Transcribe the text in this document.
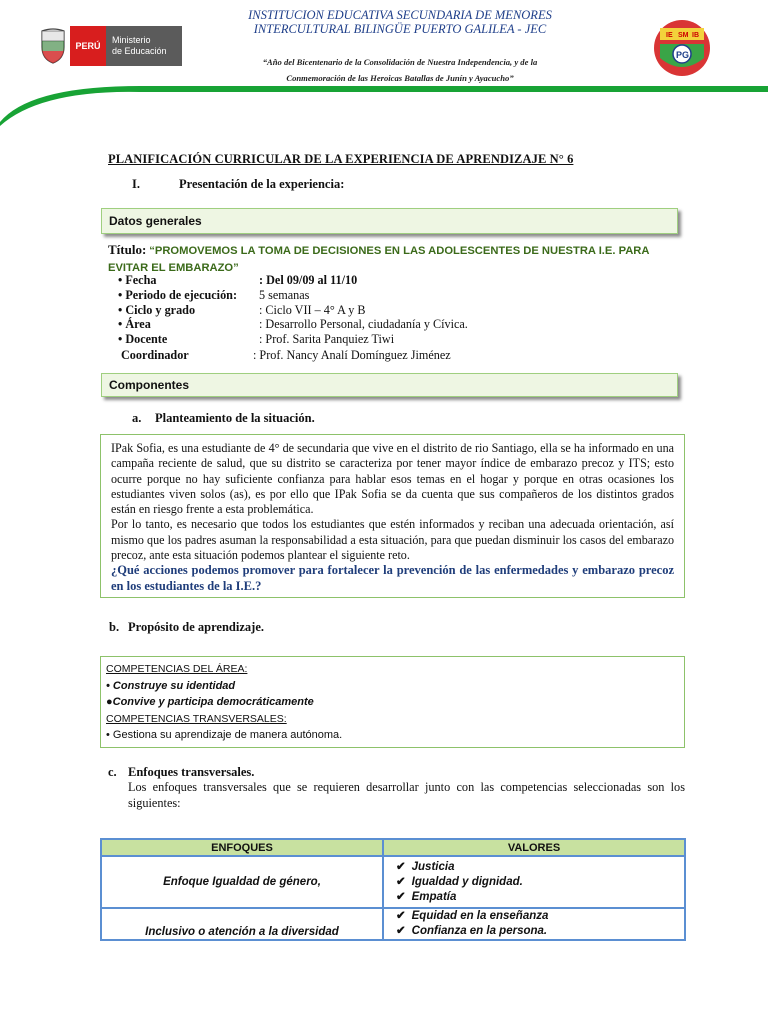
PERÚ
Ministerio
de Educación
INSTITUCION EDUCATIVA SECUNDARIA DE MENORES
INTERCULTURAL BILINGÜE PUERTO GALILEA - JEC
“Año del Bicentenario de la Consolidación de Nuestra Independencia, y de la
Conmemoración de las Heroicas Batallas de Junín y Ayacucho”
IE SM IB
PG
PLANIFICACIÓN CURRICULAR DE LA EXPERIENCIA DE APRENDIZAJE N° 6
I.	Presentación de la experiencia:
Datos generales
Título: “PROMOVEMOS LA TOMA DE DECISIONES EN LAS ADOLESCENTES DE NUESTRA I.E. PARA EVITAR EL EMBARAZO”
• Fecha	: Del 09/09 al 11/10
• Periodo de ejecución:	5 semanas
• Ciclo y grado	: Ciclo VII – 4° A y B
• Área	: Desarrollo Personal, ciudadanía y Cívica.
• Docente	: Prof. Sarita Panquiez Tiwi
Coordinador	: Prof. Nancy Analí Domínguez Jiménez
Componentes
a. Planteamiento de la situación.

IPak Sofia, es una estudiante de 4° de secundaria que vive en el distrito de rio Santiago, ella se ha informado en una campaña reciente de salud, que su distrito se caracteriza por tener mayor índice de embarazo precoz y ITS; esto ocurre porque no hay suficiente confianza para hablar esos temas en el hogar y porque en otras ocasiones los estudiantes viven solos (as), es por ello que IPak Sofia se da cuenta que sus compañeros de los distintos grados están en riesgo frente a esta problemática.

Por lo tanto, es necesario que todos los estudiantes que estén informados y reciban una adecuada orientación, así mismo que los padres asuman la responsabilidad a esta situación, para que puedan disminuir los casos del embarazo precoz, ante esta situación podemos plantear el siguiente reto.

¿Qué acciones podemos promover para fortalecer la prevención de las enfermedades y embarazo precoz en los estudiantes de la I.E.?

b. Propósito de aprendizaje.
COMPETENCIAS DEL ÁREA:
• Construye su identidad
●Convive y participa democráticamente
COMPETENCIAS TRANSVERSALES:
• Gestiona su aprendizaje de manera autónoma.
c. Enfoques transversales.
Los enfoques transversales que se requieren desarrollar junto con las competencias seleccionadas son los siguientes:
ENFOQUES	VALORES
Enfoque Igualdad de género,	✔ Justicia
✔ Igualdad y dignidad.
✔ Empatía

Inclusivo o atención a la diversidad	✔ Equidad en la enseñanza
✔ Confianza en la persona.
